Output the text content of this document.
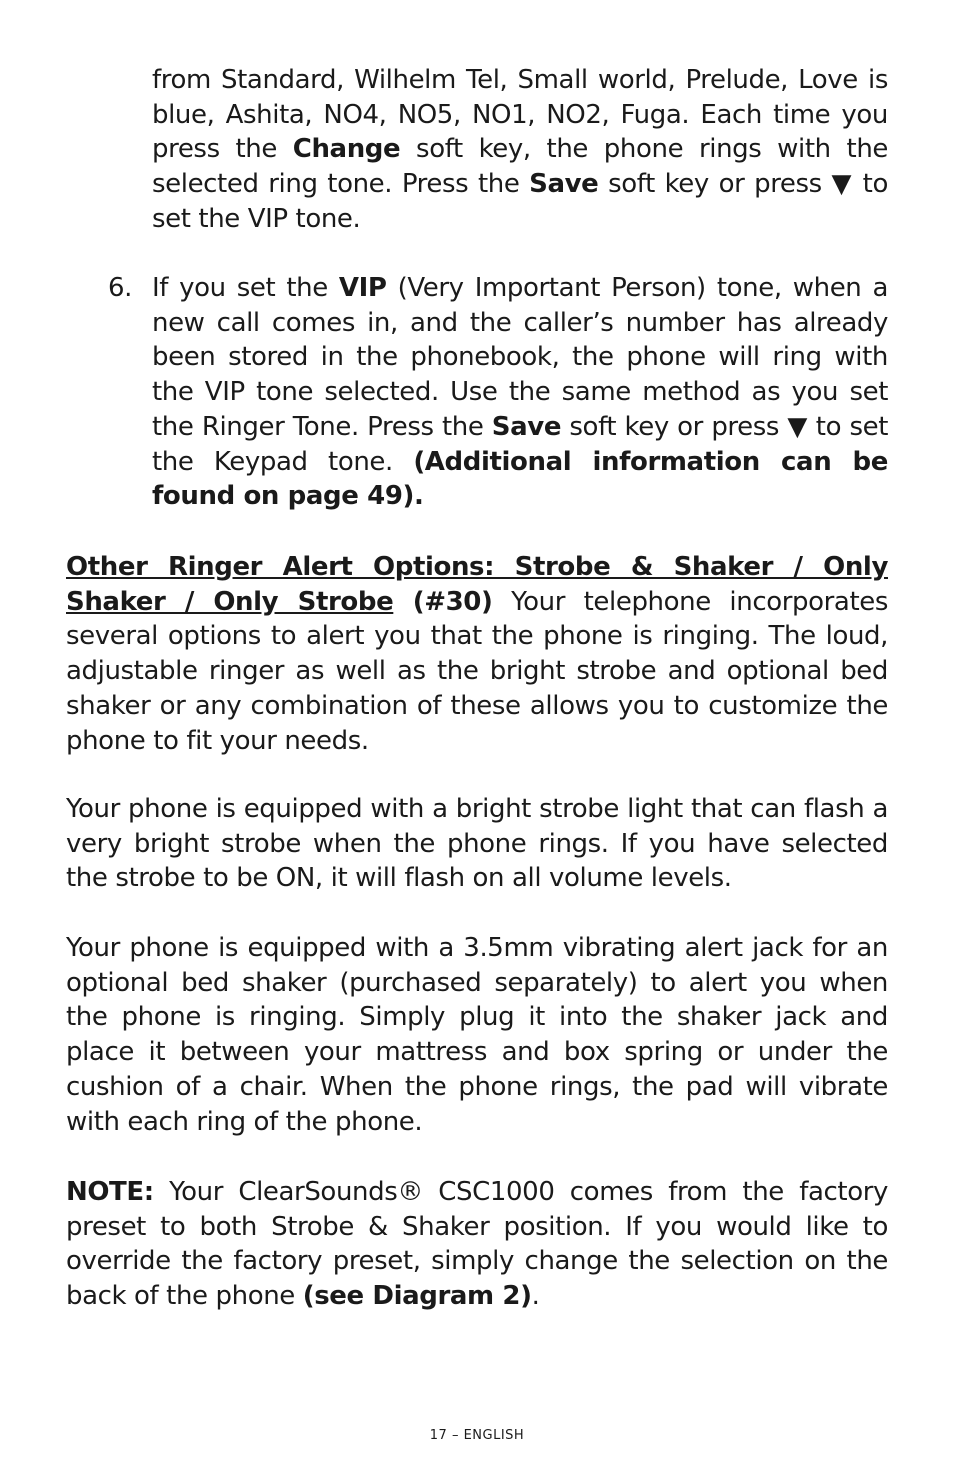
from Standard, Wilhelm Tel, Small world, Prelude, Love is blue, Ashita, NO4, NO5, NO1, NO2, Fuga. Each time you press the Change soft key, the phone rings with the selected ring tone. Press the Save soft key or press ▼ to set the VIP tone.

6. If you set the VIP (Very Important Person) tone, when a new call comes in, and the caller’s number has already been stored in the phonebook, the phone will ring with the VIP tone selected. Use the same method as you set the Ringer Tone. Press the Save soft key or press ▼ to set the Keypad tone. (Additional information can be found on page 49).

Other Ringer Alert Options: Strobe & Shaker / Only Shaker / Only Strobe (#30) Your telephone incorporates several options to alert you that the phone is ringing. The loud, adjustable ringer as well as the bright strobe and optional bed shaker or any combination of these allows you to customize the phone to fit your needs.

Your phone is equipped with a bright strobe light that can flash a very bright strobe when the phone rings. If you have selected the strobe to be ON, it will flash on all volume levels.

Your phone is equipped with a 3.5mm vibrating alert jack for an optional bed shaker (purchased separately) to alert you when the phone is ringing. Simply plug it into the shaker jack and place it between your mattress and box spring or under the cushion of a chair. When the phone rings, the pad will vibrate with each ring of the phone.

NOTE: Your ClearSounds® CSC1000 comes from the factory preset to both Strobe & Shaker position. If you would like to override the factory preset, simply change the selection on the back of the phone (see Diagram 2).

17 – ENGLISH
